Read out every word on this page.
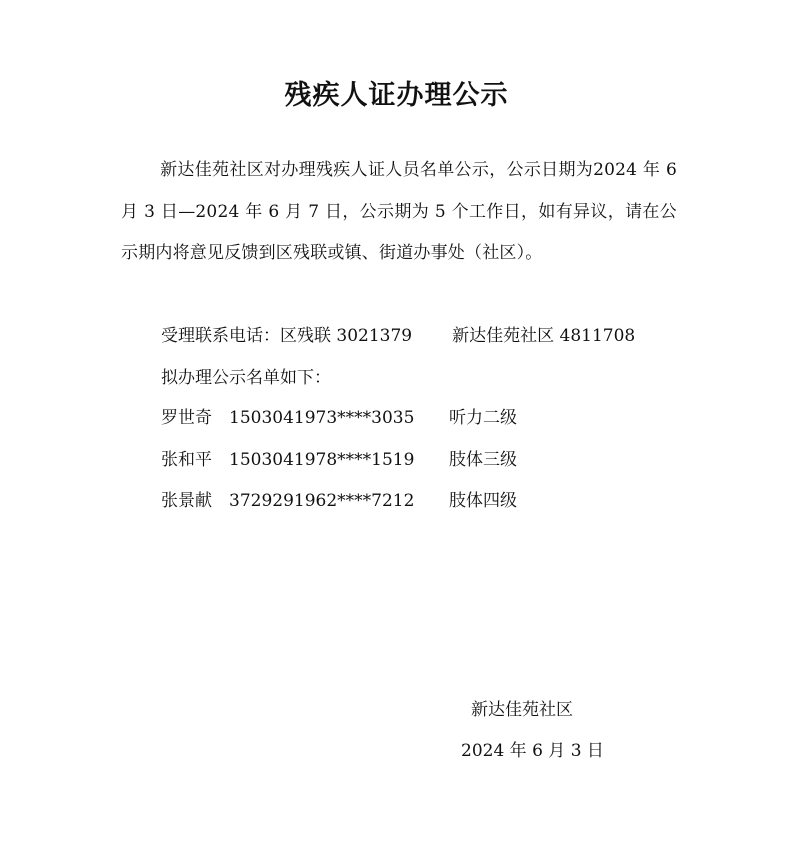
残疾人证办理公示

新达佳苑社区对办理残疾人证人员名单公示，公示日期为2024 年 6 月 3 日—2024 年 6 月 7 日，公示期为 5 个工作日，如有异议，请在公示期内将意见反馈到区残联或镇、街道办事处（社区）。

受理联系电话：区残联 3021379 新达佳苑社区 4811708
拟办理公示名单如下：
罗世奇 1503041973****3035 听力二级
张和平 1503041978****1519 肢体三级
张景献 3729291962****7212 肢体四级
新达佳苑社区
2024 年 6 月 3 日
